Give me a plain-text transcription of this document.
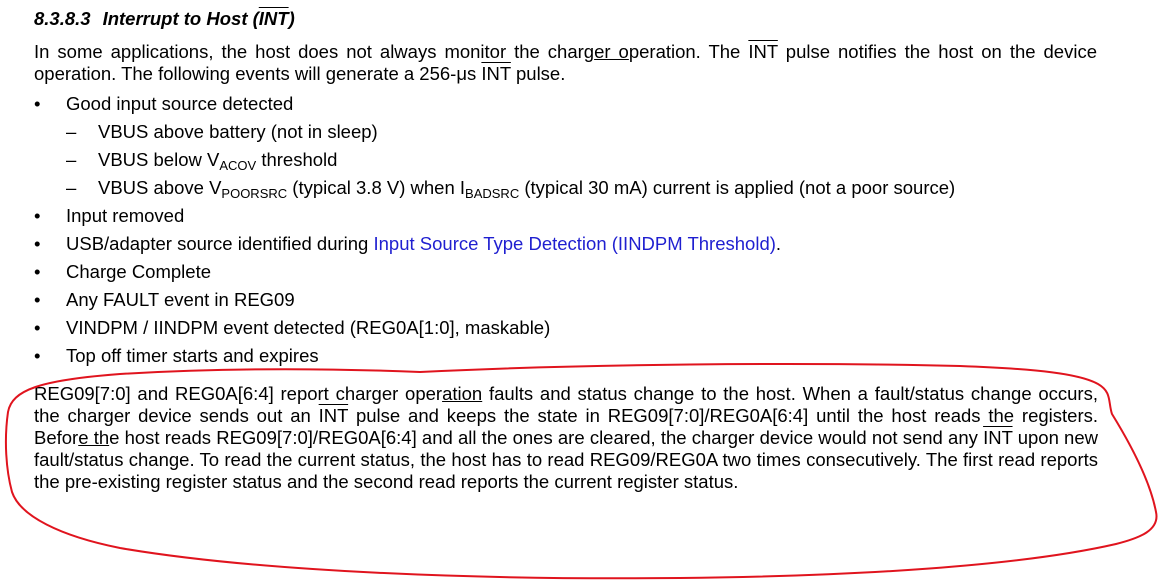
8.3.8.3 Interrupt to Host $(\overline{INT})$
In some applications, the host does not always monitor the charger operation. The $\overline{INT}$ pulse notifies the host on the device operation. The following events will generate a 256-μs $\overline{INT}$ pulse.
• Good input source detected
– VBUS above battery (not in sleep)
– VBUS below $V_{ACOV}$ threshold
– VBUS above $V_{POORSRC}$ (typical 3.8 V) when $I_{BADSRC}$ (typical 30 mA) current is applied (not a poor source)
• Input removed
• USB/adapter source identified during Input Source Type Detection (IINDPM Threshold).
• Charge Complete
• Any FAULT event in REG09
• VINDPM / IINDPM event detected (REG0A[1:0], maskable)
• Top off timer starts and expires
REG09[7:0] and REG0A[6:4] report charger operation faults and status change to the host. When a fault/status change occurs, the charger device sends out an $\overline{INT}$ pulse and keeps the state in REG09[7:0]/REG0A[6:4] until the host reads the registers. Before the host reads REG09[7:0]/REG0A[6:4] and all the ones are cleared, the charger device would not send any $\overline{INT}$ upon new fault/status change. To read the current status, the host has to read REG09/REG0A two times consecutively. The first read reports the pre-existing register status and the second read reports the current register status.
